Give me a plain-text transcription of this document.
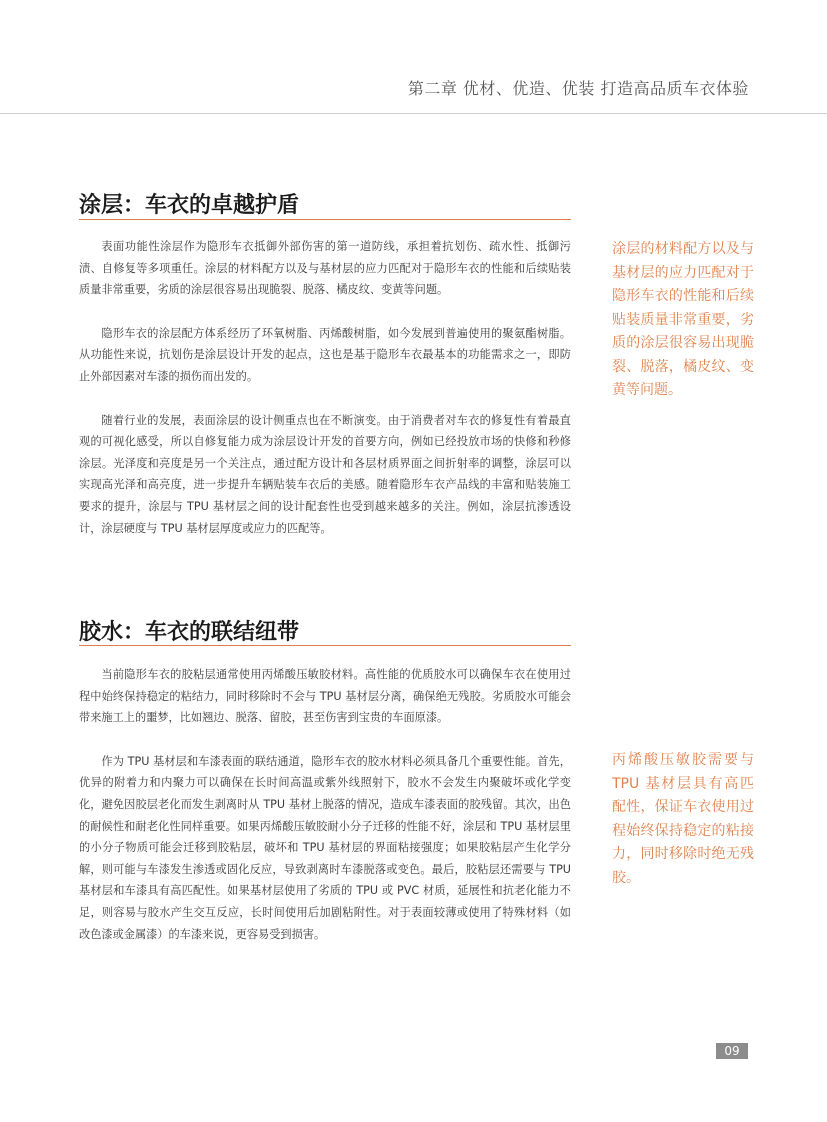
第二章 优材、优造、优装 打造高品质车衣体验
涂层：车衣的卓越护盾

表面功能性涂层作为隐形车衣抵御外部伤害的第一道防线，承担着抗划伤、疏水性、抵御污渍、自修复等多项重任。涂层的材料配方以及与基材层的应力匹配对于隐形车衣的性能和后续贴装质量非常重要，劣质的涂层很容易出现脆裂、脱落、橘皮纹、变黄等问题。

隐形车衣的涂层配方体系经历了环氧树脂、丙烯酸树脂，如今发展到普遍使用的聚氨酯树脂。从功能性来说，抗划伤是涂层设计开发的起点，这也是基于隐形车衣最基本的功能需求之一，即防止外部因素对车漆的损伤而出发的。

随着行业的发展，表面涂层的设计侧重点也在不断演变。由于消费者对车衣的修复性有着最直观的可视化感受，所以自修复能力成为涂层设计开发的首要方向，例如已经投放市场的快修和秒修涂层。光泽度和亮度是另一个关注点，通过配方设计和各层材质界面之间折射率的调整，涂层可以实现高光泽和高亮度，进一步提升车辆贴装车衣后的美感。随着隐形车衣产品线的丰富和贴装施工要求的提升，涂层与 TPU 基材层之间的设计配套性也受到越来越多的关注。例如，涂层抗渗透设计，涂层硬度与 TPU 基材层厚度或应力的匹配等。

涂层的材料配方以及与基材层的应力匹配对于隐形车衣的性能和后续贴装质量非常重要，劣质的涂层很容易出现脆裂、脱落，橘皮纹、变黄等问题。
胶水：车衣的联结纽带

当前隐形车衣的胶粘层通常使用丙烯酸压敏胶材料。高性能的优质胶水可以确保车衣在使用过程中始终保持稳定的粘结力，同时移除时不会与 TPU 基材层分离，确保绝无残胶。劣质胶水可能会带来施工上的噩梦，比如翘边、脱落、留胶，甚至伤害到宝贵的车面原漆。

作为 TPU 基材层和车漆表面的联结通道，隐形车衣的胶水材料必须具备几个重要性能。首先，优异的附着力和内聚力可以确保在长时间高温或紫外线照射下，胶水不会发生内聚破坏或化学变化，避免因胶层老化而发生剥离时从 TPU 基材上脱落的情况，造成车漆表面的胶残留。其次，出色的耐候性和耐老化性同样重要。如果丙烯酸压敏胶耐小分子迁移的性能不好，涂层和 TPU 基材层里的小分子物质可能会迁移到胶粘层，破坏和 TPU 基材层的界面粘接强度；如果胶粘层产生化学分解，则可能与车漆发生渗透或固化反应，导致剥离时车漆脱落或变色。最后，胶粘层还需要与 TPU 基材层和车漆具有高匹配性。如果基材层使用了劣质的 TPU 或 PVC 材质，延展性和抗老化能力不足，则容易与胶水产生交互反应，长时间使用后加剧粘附性。对于表面较薄或使用了特殊材料（如改色漆或金属漆）的车漆来说，更容易受到损害。

丙烯酸压敏胶需要与 TPU 基材层具有高匹配性，保证车衣使用过程始终保持稳定的粘接力，同时移除时绝无残胶。
09
